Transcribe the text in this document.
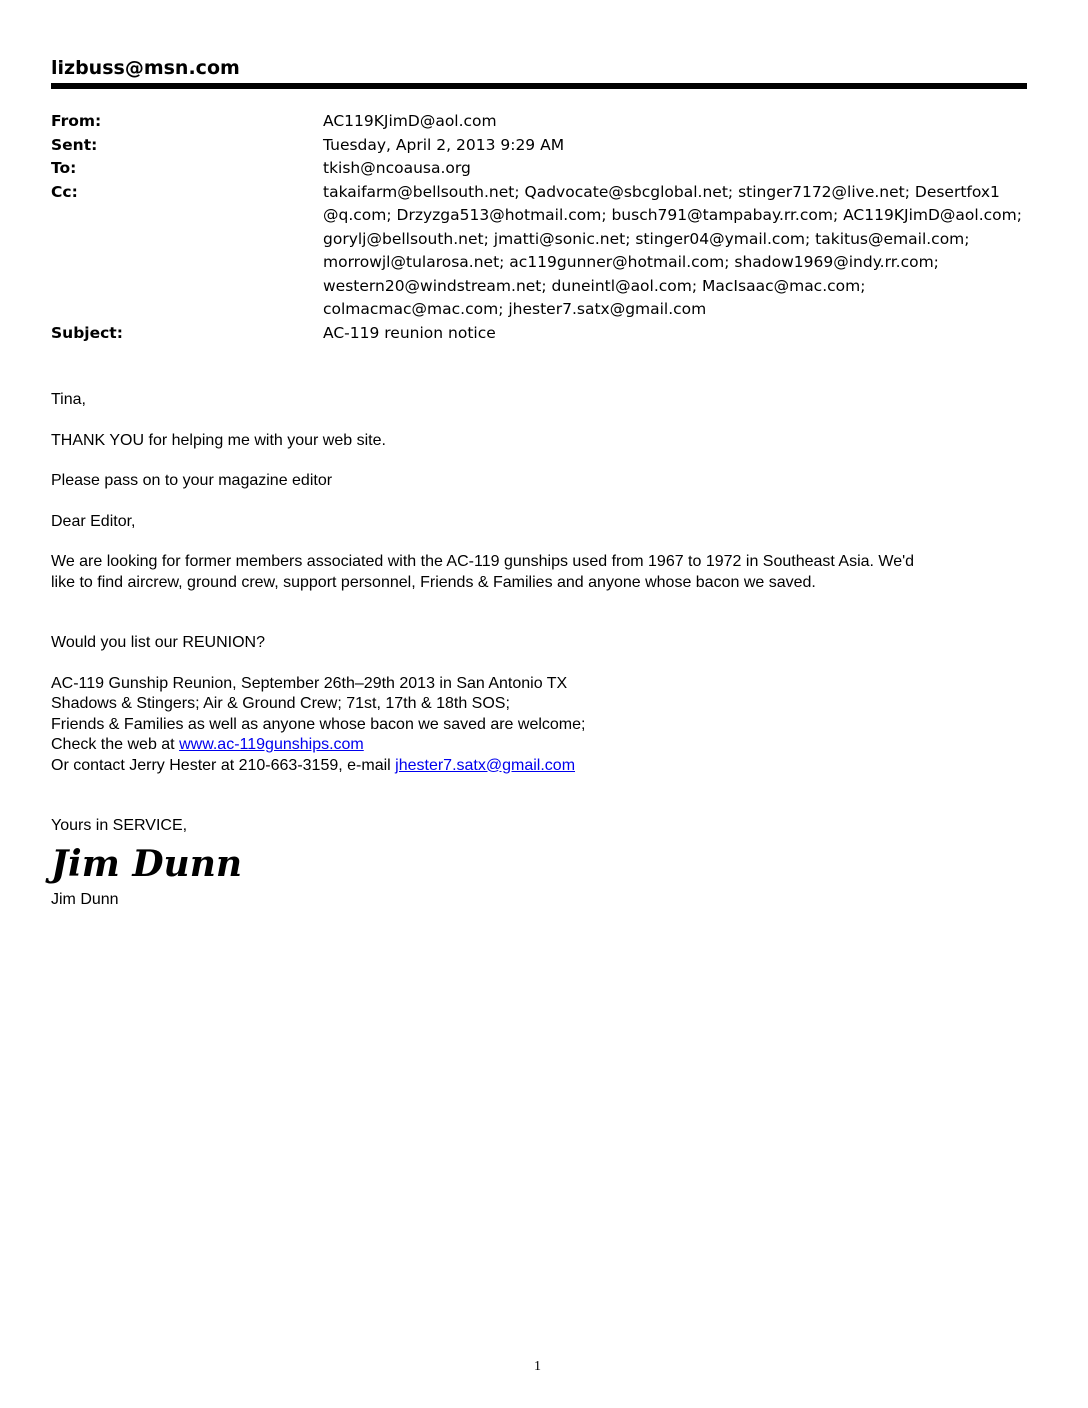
lizbuss@msn.com
From:	AC119KJimD@aol.com
Sent:	Tuesday, April 2, 2013 9:29 AM
To:	tkish@ncoausa.org
Cc:	takaifarm@bellsouth.net; Qadvocate@sbcglobal.net; stinger7172@live.net; Desertfox1
@q.com; Drzyzga513@hotmail.com; busch791@tampabay.rr.com; AC119KJimD@aol.com;
gorylj@bellsouth.net; jmatti@sonic.net; stinger04@ymail.com; takitus@email.com;
morrowjl@tularosa.net; ac119gunner@hotmail.com; shadow1969@indy.rr.com;
western20@windstream.net; duneintl@aol.com; MacIsaac@mac.com;
colmacmac@mac.com; jhester7.satx@gmail.com
Subject:	AC-119 reunion notice

Tina,

THANK YOU for helping me with your web site.

Please pass on to your magazine editor

Dear Editor,

We are looking for former members associated with the AC-119 gunships used from 1967 to 1972 in Southeast Asia. We'd

like to find aircrew, ground crew, support personnel, Friends & Families and anyone whose bacon we saved.

Would you list our REUNION?

AC-119 Gunship Reunion, September 26th–29th 2013 in San Antonio TX

Shadows & Stingers; Air & Ground Crew; 71st, 17th & 18th SOS;

Friends & Families as well as anyone whose bacon we saved are welcome;

Check the web at www.ac-119gunships.com

Or contact Jerry Hester at 210-663-3159, e-mail jhester7.satx@gmail.com

Yours in SERVICE,

Jim Dunn
Jim Dunn
1
